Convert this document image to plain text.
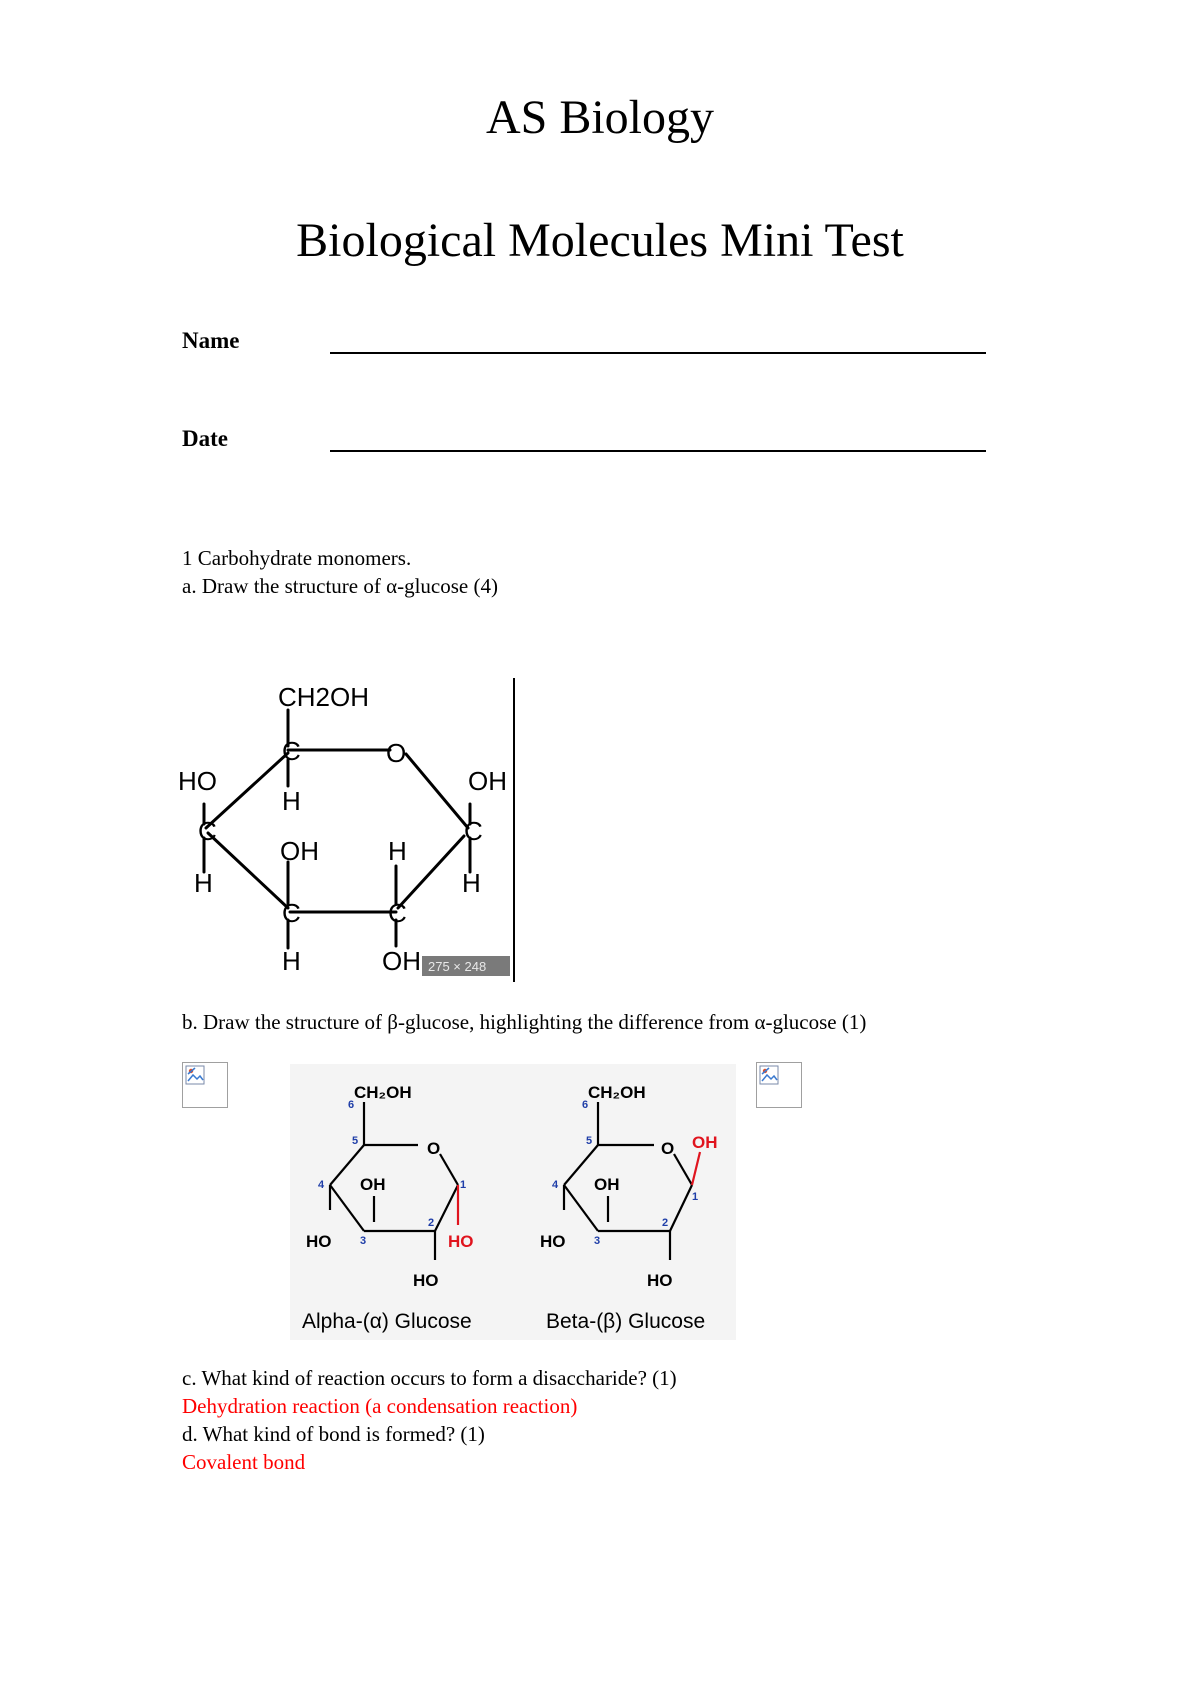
AS Biology
Biological Molecules Mini Test
Name
Date
1 Carbohydrate monomers.
a. Draw the structure of α-glucose (4)
CH2OH
C	O
HO	OH
H
C	C
OH	H
H	H
C	C
H	OH 275 × 248
b. Draw the structure of β-glucose, highlighting the difference from α-glucose (1)
CH₂OH
O
OH
HO	HO
HO
6
5
4
3
2
1
Alpha-(α) Glucose
CH₂OH
O OH
OH
HO
HO
6
5
4
3
2
1
Beta-(β) Glucose
c. What kind of reaction occurs to form a disaccharide? (1)
Dehydration reaction (a condensation reaction)
d. What kind of bond is formed? (1)
Covalent bond
